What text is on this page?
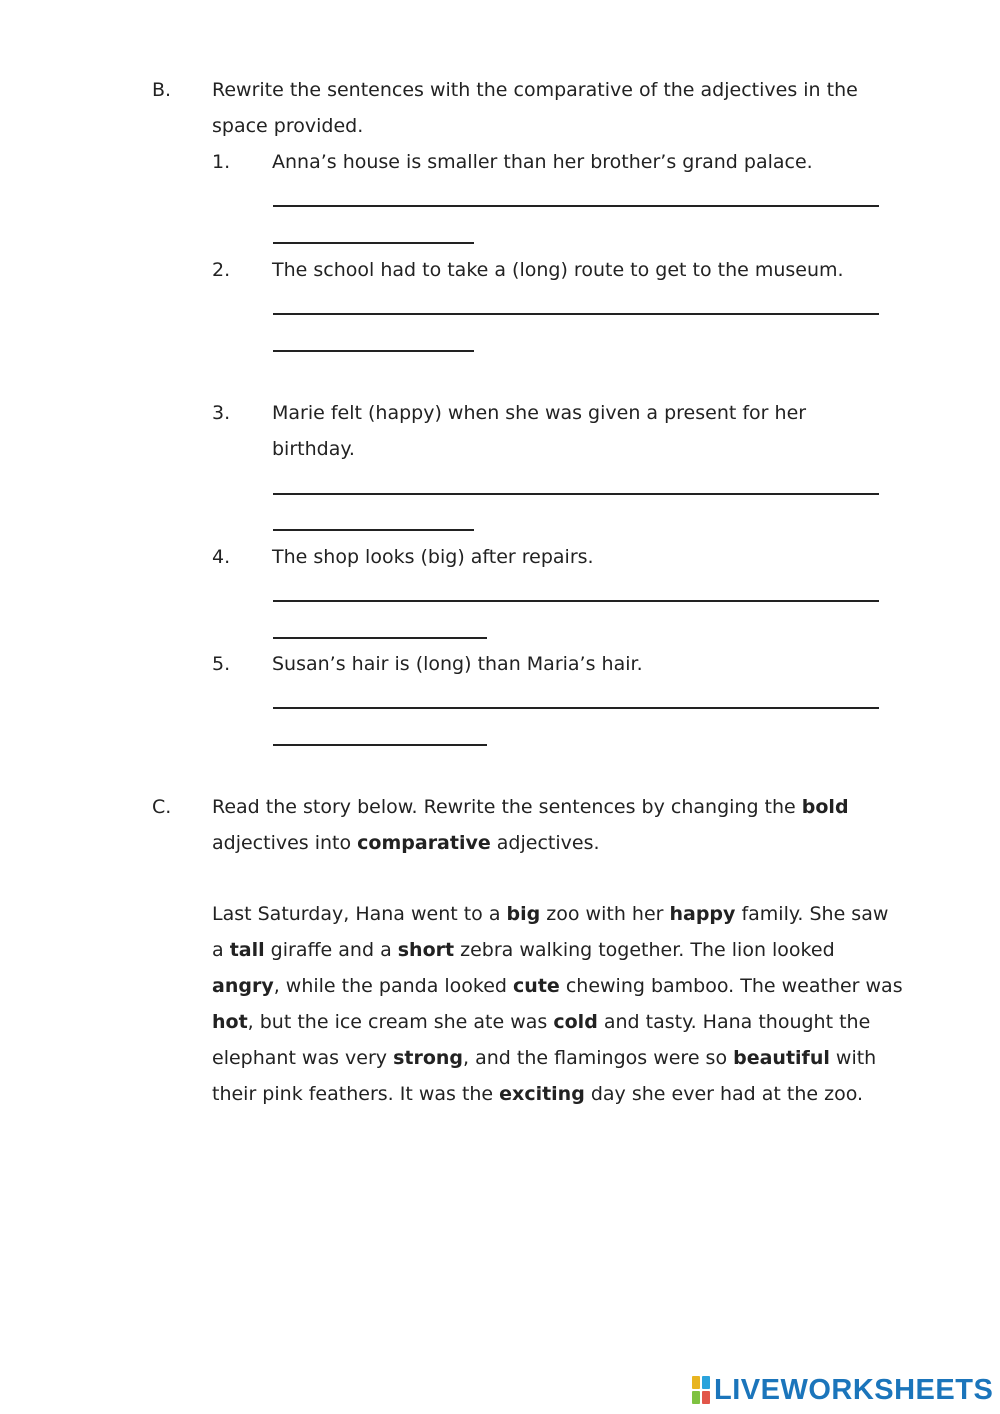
B. Rewrite the sentences with the comparative of the adjectives in the
space provided.
1. Anna’s house is smaller than her brother’s grand palace.
2. The school had to take a (long) route to get to the museum.
3. Marie felt (happy) when she was given a present for her
birthday.
4. The shop looks (big) after repairs.
5. Susan’s hair is (long) than Maria’s hair.
C. Read the story below. Rewrite the sentences by changing the bold
adjectives into comparative adjectives.
Last Saturday, Hana went to a big zoo with her happy family. She saw
a tall giraffe and a short zebra walking together. The lion looked
angry, while the panda looked cute chewing bamboo. The weather was
hot, but the ice cream she ate was cold and tasty. Hana thought the
elephant was very strong, and the flamingos were so beautiful with
their pink feathers. It was the exciting day she ever had at the zoo.
LIVEWORKSHEETS
